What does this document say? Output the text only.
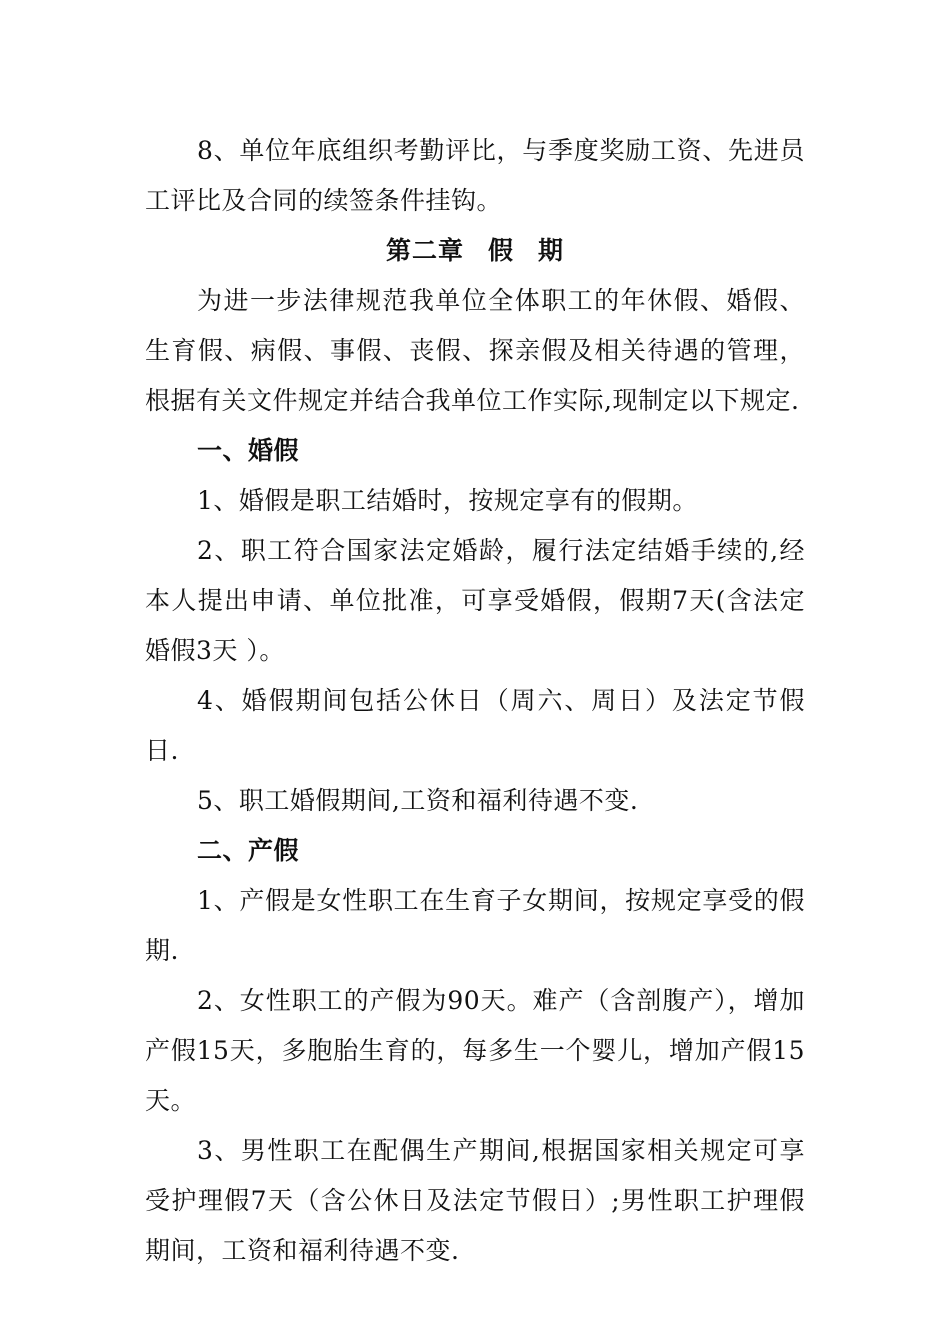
8、单位年底组织考勤评比，与季度奖励工资、先进员工评比及合同的续签条件挂钩。

第二章 假 期

为进一步法律规范我单位全体职工的年休假、婚假、生育假、病假、事假、丧假、探亲假及相关待遇的管理，根据有关文件规定并结合我单位工作实际,现制定以下规定.

一、婚假

1、婚假是职工结婚时，按规定享有的假期。

2、职工符合国家法定婚龄，履行法定结婚手续的,经本人提出申请、单位批准，可享受婚假，假期7天(含法定婚假3天 ）。

4、婚假期间包括公休日（周六、周日）及法定节假日.

5、职工婚假期间,工资和福利待遇不变.

二、产假

1、产假是女性职工在生育子女期间，按规定享受的假期.

2、女性职工的产假为90天。难产（含剖腹产），增加产假15天，多胞胎生育的，每多生一个婴儿，增加产假15天。

3、男性职工在配偶生产期间,根据国家相关规定可享受护理假7天（含公休日及法定节假日）;男性职工护理假期间，工资和福利待遇不变.
